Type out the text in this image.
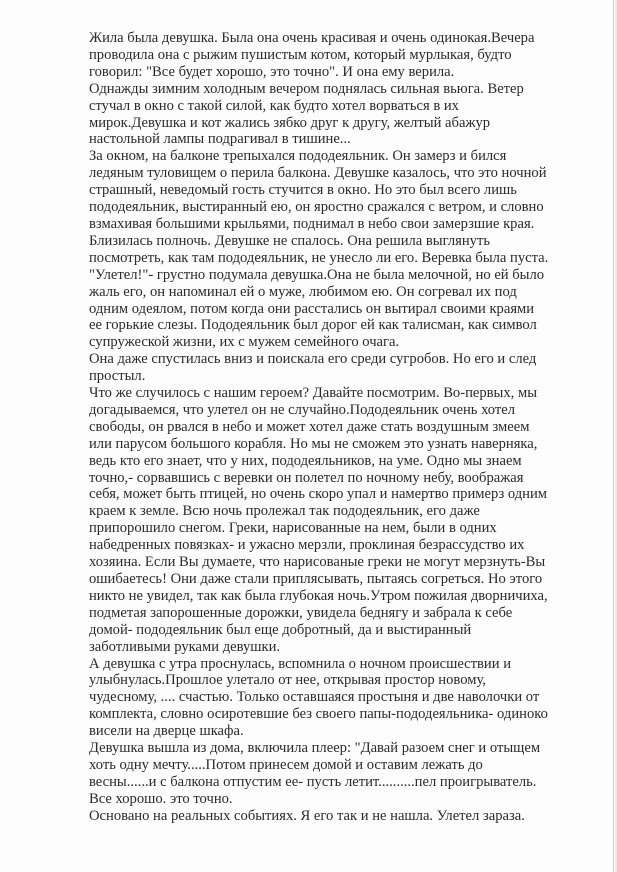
Жила была девушка. Была она очень красивая и очень одинокая.Вечера проводила она с рыжим пушистым котом, который мурлыкая, будто говорил: "Все будет хорошо, это точно". И она ему верила.

Однажды зимним холодным вечером поднялась сильная вьюга. Ветер стучал в окно с такой силой, как будто хотел ворваться в их мирок.Девушка и кот жались зябко друг к другу, желтый абажур настольной лампы подрагивал в тишине...

За окном, на балконе трепыхался пододеяльник. Он замерз и бился ледяным туловищем о перила балкона. Девушке казалось, что это ночной страшный, неведомый гость стучится в окно. Но это был всего лишь пододеяльник, выстиранный ею, он яростно сражался с ветром, и словно взмахивая большими крыльями, поднимал в небо свои замерзшие края.

Близилась полночь. Девушке не спалось. Она решила выглянуть посмотреть, как там пододеяльник, не унесло ли его. Веревка была пуста. "Улетел!"- грустно подумала девушка.Она не была мелочной, но ей было жаль его, он напоминал ей о муже, любимом ею. Он согревал их под одним одеялом, потом когда они расстались он вытирал своими краями ее горькие слезы. Пододеяльник был дорог ей как талисман, как символ супружеской жизни, их с мужем семейного очага.

Она даже спустилась вниз и поискала его среди сугробов. Но его и след простыл.

Что же случилось с нашим героем? Давайте посмотрим. Во-первых, мы догадываемся, что улетел он не случайно.Пододеяльник очень хотел свободы, он рвался в небо и может хотел даже стать воздушным змеем или парусом большого корабля. Но мы не сможем это узнать наверняка, ведь кто его знает, что у них, пододеяльников, на уме. Одно мы знаем точно,- сорвавшись с веревки он полетел по ночному небу, воображая себя, может быть птицей, но очень скоро упал и намертво примерз одним краем к земле. Всю ночь пролежал так пододеяльник, его даже припорошило снегом. Греки, нарисованные на нем, были в одних набедренных повязках- и ужасно мерзли, проклиная безрассудство их хозяина. Если Вы думаете, что нарисованые греки не могут мерзнуть-Вы ошибаетесь! Они даже стали приплясывать, пытаясь согреться. Но этого никто не увидел, так как была глубокая ночь.Утром пожилая дворничиха, подметая запорошенные дорожки, увидела беднягу и забрала к себе домой- пододеяльник был еще добротный, да и выстиранный заботливыми руками девушки.

А девушка с утра проснулась, вспомнила о ночном происшествии и улыбнулась.Прошлое улетало от нее, открывая простор новому, чудесному, .... счастью. Только оставшаяся простыня и две наволочки от комплекта, словно осиротевшие без своего папы-пододеяльника- одиноко висели на дверце шкафа.

Девушка вышла из дома, включила плеер: "Давай разоем снег и отыщем хоть одну мечту.....Потом принесем домой и оставим лежать до весны......и с балкона отпустим ее- пусть летит..........пел проигрыватель. Все хорошо. это точно.

Основано на реальных событиях. Я его так и не нашла. Улетел зараза.
